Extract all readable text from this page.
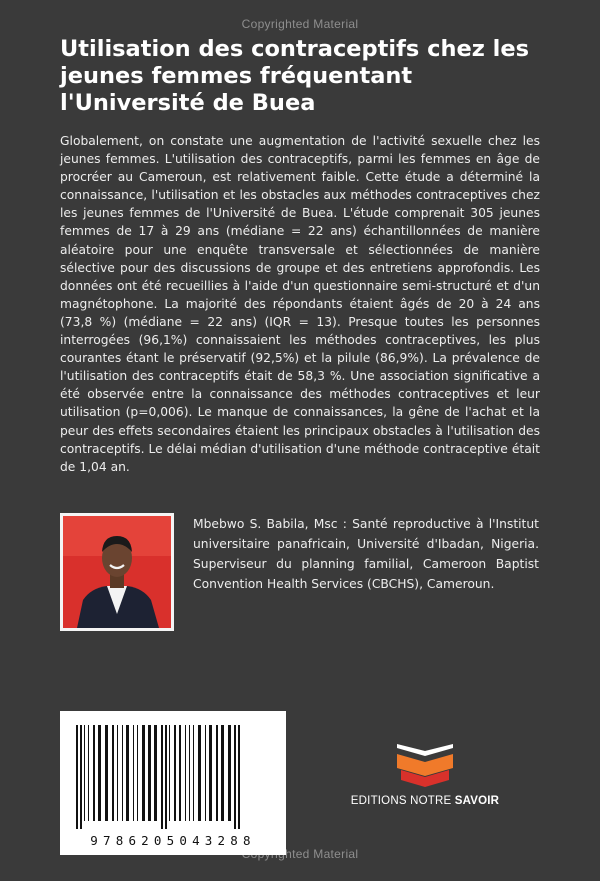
Copyrighted Material
Utilisation des contraceptifs chez les jeunes femmes fréquentant l'Université de Buea

Globalement, on constate une augmentation de l'activité sexuelle chez les jeunes femmes. L'utilisation des contraceptifs, parmi les femmes en âge de procréer au Cameroun, est relativement faible. Cette étude a déterminé la connaissance, l'utilisation et les obstacles aux méthodes contraceptives chez les jeunes femmes de l'Université de Buea. L'étude comprenait 305 jeunes femmes de 17 à 29 ans (médiane = 22 ans) échantillonnées de manière aléatoire pour une enquête transversale et sélectionnées de manière sélective pour des discussions de groupe et des entretiens approfondis. Les données ont été recueillies à l'aide d'un questionnaire semi-structuré et d'un magnétophone. La majorité des répondants étaient âgés de 20 à 24 ans (73,8 %) (médiane = 22 ans) (IQR = 13). Presque toutes les personnes interrogées (96,1%) connaissaient les méthodes contraceptives, les plus courantes étant le préservatif (92,5%) et la pilule (86,9%). La prévalence de l'utilisation des contraceptifs était de 58,3 %. Une association significative a été observée entre la connaissance des méthodes contraceptives et leur utilisation (p=0,006). Le manque de connaissances, la gêne de l'achat et la peur des effets secondaires étaient les principaux obstacles à l'utilisation des contraceptifs. Le délai médian d'utilisation d'une méthode contraceptive était de 1,04 an.

Mbebwo S. Babila, Msc : Santé reproductive à l'Institut universitaire panafricain, Université d'Ibadan, Nigeria. Superviseur du planning familial, Cameroon Baptist Convention Health Services (CBCHS), Cameroun.

9786205043288
EDITIONS NOTRE SAVOIR
Copyrighted Material
